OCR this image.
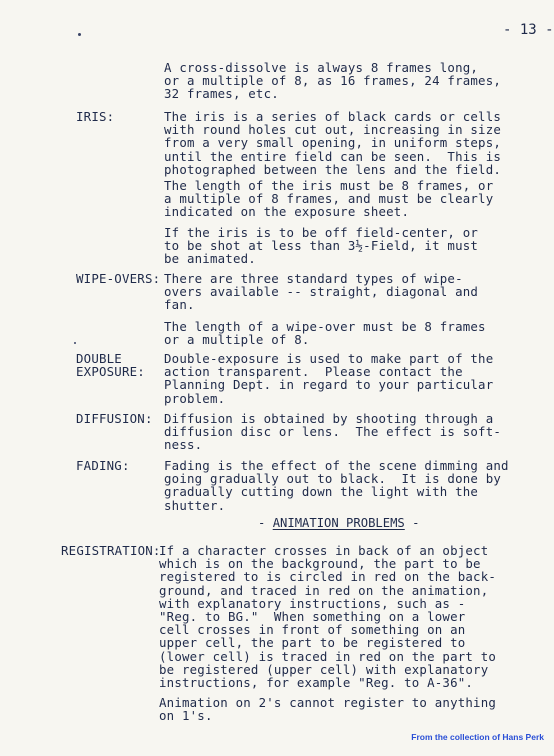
- 13 -
A cross-dissolve is always 8 frames long,
or a multiple of 8, as 16 frames, 24 frames,
32 frames, etc.
IRIS:	The iris is a series of black cards or cells
with round holes cut out, increasing in size
from a very small opening, in uniform steps,
until the entire field can be seen.  This is
photographed between the lens and the field.
The length of the iris must be 8 frames, or
a multiple of 8 frames, and must be clearly
indicated on the exposure sheet.
If the iris is to be off field-center, or
to be shot at less than 3½-Field, it must
be animated.
WIPE-OVERS: There are three standard types of wipe-
overs available -- straight, diagonal and
fan.
The length of a wipe-over must be 8 frames
or a multiple of 8.
DOUBLE
EXPOSURE:
Double-exposure is used to make part of the
action transparent.  Please contact the
Planning Dept. in regard to your particular
problem.
DIFFUSION: Diffusion is obtained by shooting through a
diffusion disc or lens.  The effect is soft-
ness.
FADING:	Fading is the effect of the scene dimming and
going gradually out to black.  It is done by
gradually cutting down the light with the
shutter.
- ANIMATION PROBLEMS -
REGISTRATION:
If a character crosses in back of an object
which is on the background, the part to be
registered to is circled in red on the back-
ground, and traced in red on the animation,
with explanatory instructions, such as -
"Reg. to BG."  When something on a lower
cell crosses in front of something on an
upper cell, the part to be registered to
(lower cell) is traced in red on the part to
be registered (upper cell) with explanatory
instructions, for example "Reg. to A-36".
Animation on 2's cannot register to anything
on 1's.
From the collection of Hans Perk
